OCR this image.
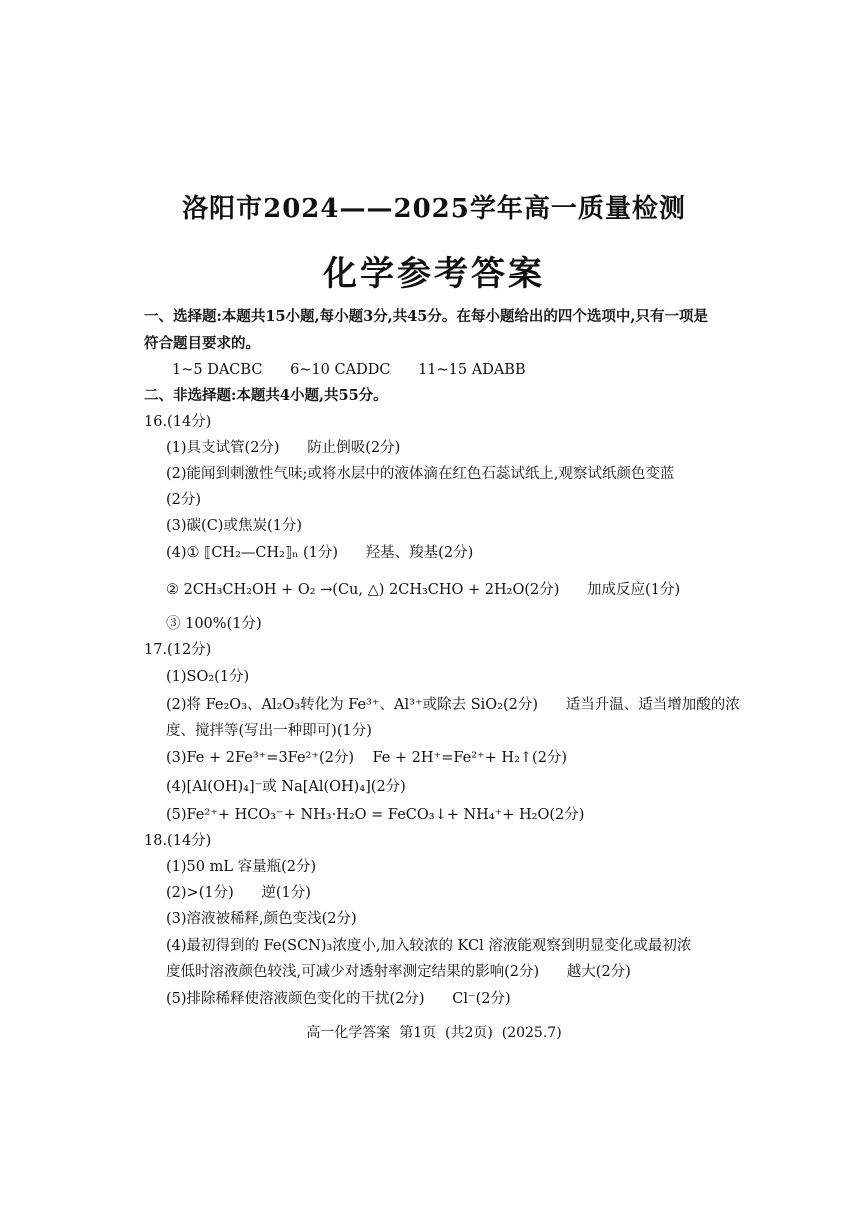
洛阳市2024——2025学年高一质量检测
化学参考答案
一、选择题:本题共15小题,每小题3分,共45分。在每小题给出的四个选项中,只有一项是
符合题目要求的。
1~5 DACBC      6~10 CADDC      11~15 ADABB
二、非选择题:本题共4小题,共55分。
16.(14分)
(1)具支试管(2分)      防止倒吸(2分)
(2)能闻到刺激性气味;或将水层中的液体滴在红色石蕊试纸上,观察试纸颜色变蓝
(2分)
(3)碳(C)或焦炭(1分)
(4)① ⟦CH₂—CH₂⟧ₙ (1分)      羟基、羧基(2分)
② 2CH₃CH₂OH + O₂ →(Cu, △) 2CH₃CHO + 2H₂O(2分)      加成反应(1分)
③ 100%(1分)
17.(12分)
(1)SO₂(1分)
(2)将 Fe₂O₃、Al₂O₃转化为 Fe³⁺、Al³⁺或除去 SiO₂(2分)      适当升温、适当增加酸的浓
度、搅拌等(写出一种即可)(1分)
(3)Fe + 2Fe³⁺=3Fe²⁺(2分)    Fe + 2H⁺=Fe²⁺+ H₂↑(2分)
(4)[Al(OH)₄]⁻或 Na[Al(OH)₄](2分)
(5)Fe²⁺+ HCO₃⁻+ NH₃·H₂O = FeCO₃↓+ NH₄⁺+ H₂O(2分)
18.(14分)
(1)50 mL 容量瓶(2分)
(2)>(1分)      逆(1分)
(3)溶液被稀释,颜色变浅(2分)
(4)最初得到的 Fe(SCN)₃浓度小,加入较浓的 KCl 溶液能观察到明显变化或最初浓
度低时溶液颜色较浅,可减少对透射率测定结果的影响(2分)      越大(2分)
(5)排除稀释使溶液颜色变化的干扰(2分)      Cl⁻(2分)
高一化学答案  第1页  (共2页)  (2025.7)
